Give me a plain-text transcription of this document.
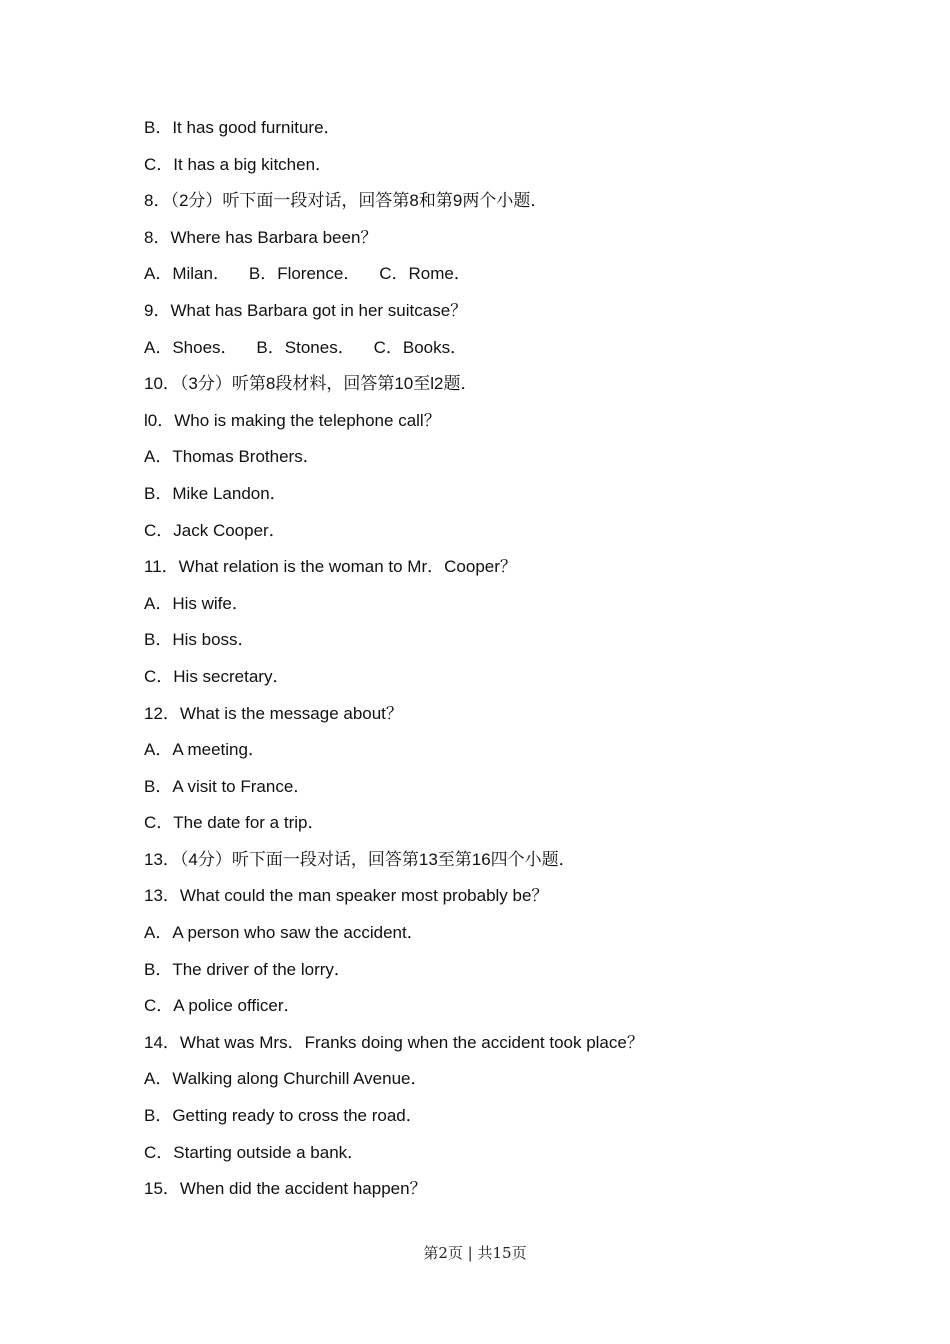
B．It has good furniture．
C．It has a big kitchen．
8．（2分）听下面一段对话，回答第8和第9两个小题．
8．Where has Barbara been？
A．Milan．    B．Florence．    C．Rome．
9．What has Barbara got in her suitcase？
A．Shoes．    B．Stones．    C．Books．
10．（3分）听第8段材料，回答第10至l2题．
l0．Who is making the telephone call？
A．Thomas Brothers．
B．Mike Landon．
C．Jack Cooper．
11．What relation is the woman to Mr．Cooper？
A．His wife．
B．His boss．
C．His secretary．
12．What is the message about？
A．A meeting．
B．A visit to France．
C．The date for a trip．
13．（4分）听下面一段对话，回答第13至第16四个小题．
13．What could the man speaker most probably be？
A．A person who saw the accident．
B．The driver of the lorry．
C．A police officer．
14．What was Mrs．Franks doing when the accident took place？
A．Walking along Churchill Avenue．
B．Getting ready to cross the road．
C．Starting outside a bank．
15．When did the accident happen？
第2页 | 共15页
